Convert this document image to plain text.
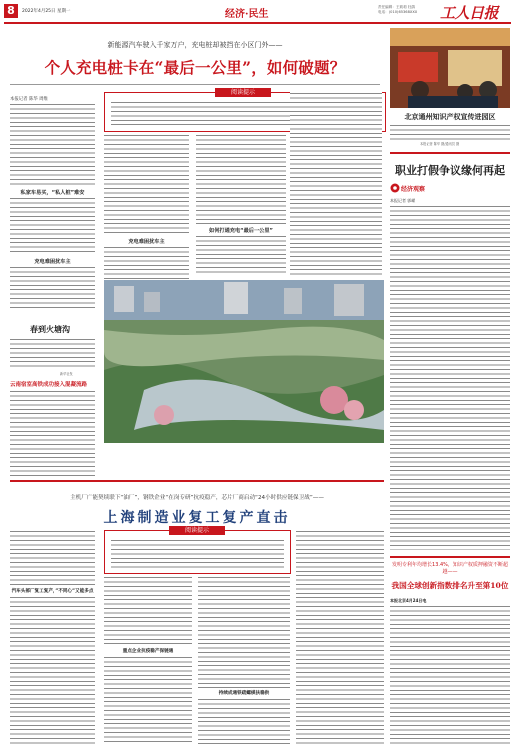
8	2022年4月25日 星期一	经济·民生
责任编辑：王莉莉 杜鹃
电话：(010)65368XXX 工人日报
新能源汽车驶入千家万户，充电桩却被挡在小区门外——
个人充电桩卡在“最后一公里”，如何破题？
本报记者 陈华 周维
私家车易买，“私人桩”难安
充电难困扰车主
阅读提示
充电难困扰车主
如何打通充电“最后一公里”
北京通州知识产权宣传进园区
本报记者 陈华 摄/通讯员 摄
职业打假争议缘何再起
经济观察
本报记者 郭嵘
春到火塘沟
新华社发
云南宿室高铁成功接入混凝流路
主机厂广能契续联下“油厂”，钢铁企业“在岗专研”抗疫稳产，芯片厂商启动“24小时供应链保卫战”——
上海制造业复工复产直击
汽车头部厂复工复产，”不同心”又能多点
阅读提示
重点企业抗疫稳产保链通
持续成通铁疏螺棋扶稳供
发明专利年均增长13.4%，知识产权质押融资不断超越——
我国全球创新指数排名升至第10位
本报北京4月24日电
